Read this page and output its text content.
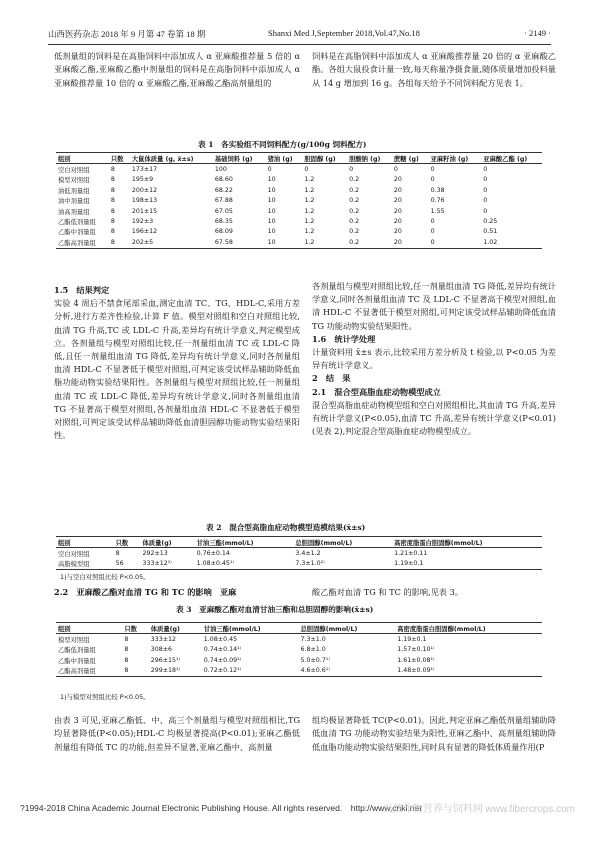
山西医药杂志 2018 年 9 月第 47 卷第 18 期	Shanxi Med J,September 2018,Vol.47,No.18	· 2149 ·

低剂量组的饲料是在高脂饲料中添加成人 α 亚麻酸推荐量 5 倍的 α 亚麻酸乙酯,亚麻酸乙酯中剂量组的饲料是在高脂饲料中添加成人 α 亚麻酸推荐量 10 倍的 α 亚麻酸乙酯,亚麻酸乙酯高剂量组的

饲料是在高脂饲料中添加成人 α 亚麻酸推荐量 20 倍的 α 亚麻酸乙酯。各组大鼠投食计量一致,每天称量净摄食量,随体质量增加投料量从 14 g 增加到 16 g。各组每天给予不同饲料配方见表 1。

表 1　各实验组不同饲料配方(g/100g 饲料配方)
组别	只数	大鼠体质量 (g, x̄±s)	基础饲料 (g)	猪油 (g)	胆固醇 (g)	胆酸钠 (g)	蔗糖 (g)	亚麻籽油 (g)	亚麻酸乙酯 (g)
空白对照组	8	173±17	100	0	0	0	0	0	0
模型对照组	8	195±9	68.60	10	1.2	0.2	20	0	0
油低剂量组	8	200±12	68.22	10	1.2	0.2	20	0.38	0
油中剂量组	8	198±13	67.88	10	1.2	0.2	20	0.76	0
油高剂量组	8	201±15	67.05	10	1.2	0.2	20	1.55	0
乙酯低剂量组	8	192±3	68.35	10	1.2	0.2	20	0	0.25
乙酯中剂量组	8	196±12	68.09	10	1.2	0.2	20	0	0.51
乙酯高剂量组	8	202±5	67.58	10	1.2	0.2	20	0	1.02

1.5　结果判定

实验 4 周后不禁食尾部采血,测定血清 TC、TG、HDL-C,采用方差分析,进行方差齐性检验,计算 F 值。模型对照组和空白对照组比较,血清 TG 升高,TC 或 LDL-C 升高,差异均有统计学意义,判定模型成立。各剂量组与模型对照组比较,任一剂量组血清 TC 或 LDL-C 降低,且任一剂量组血清 TG 降低,差异均有统计学意义,同时各剂量组血清 HDL-C 不显著低于模型对照组,可判定该受试样品辅助降低血脂功能动物实验结果阳性。各剂量组与模型对照组比较,任一剂量组血清 TC 或 LDL-C 降低,差异均有统计学意义,同时各剂量组血清 TG 不显著高于模型对照组,各剂量组血清 HDL-C 不显著低于模型对照组,可判定该受试样品辅助降低血清胆固醇功能动物实验结果阳性。

各剂量组与模型对照组比较,任一剂量组血清 TG 降低,差异均有统计学意义,同时各剂量组血清 TC 及 LDL-C 不显著高于模型对照组,血清 HDL-C 不显著低于模型对照组,可判定该受试样品辅助降低血清 TG 功能动物实验结果阳性。

1.6　统计学处理

计量资料用 x̄±s 表示,比较采用方差分析及 t 检验,以 P<0.05 为差异有统计学意义。

2　结　果

2.1　混合型高脂血症动物模型成立

混合型高脂血症动物模型组和空白对照组相比,其血清 TG 升高,差异有统计学意义(P<0.05),血清 TC 升高,差异有统计学意义(P<0.01)(见表 2),判定混合型高脂血症动物模型成立。

表 2　混合型高脂血症动物模型造模结果(x̄±s)
组别	只数	体质量(g)	甘油三酯(mmol/L)	总胆固醇(mmol/L)	高密度脂蛋白胆固醇(mmol/L)
空白对照组	8	292±13	0.76±0.14	3.4±1.2	1.21±0.11
高脂模型组	56	333±12¹⁾	1.08±0.45¹⁾	7.3±1.0²⁾	1.19±0.1
1)与空白对照组比较 P<0.05。

2.2　亚麻酸乙酯对血清 TG 和 TC 的影响　亚麻	酸乙酯对血清 TG 和 TC 的影响,见表 3。

表 3　亚麻酸乙酯对血清甘油三酯和总胆固醇的影响(x̄±s)
组别	只数	体质量(g)	甘油三酯(mmol/L)	总胆固醇(mmol/L)	高密度脂蛋白胆固醇(mmol/L)
模型对照组	8	333±12	1.08±0.45	7.3±1.0	1.19±0.1
乙酯低剂量组	8	308±6	0.74±0.14¹⁾	6.8±1.0	1.57±0.10¹⁾
乙酯中剂量组	8	296±15¹⁾	0.74±0.09¹⁾	5.0±0.7¹⁾	1.61±0.08¹⁾
乙酯高剂量组	8	299±18¹⁾	0.72±0.12¹⁾	4.6±0.6¹⁾	1.48±0.09¹⁾
1)与模型对照组比较 P<0.05。

由表 3 可见,亚麻乙酯低、中、高三个剂量组与模型对照组相比,TG 均显著降低(P<0.05);HDL-C 均极显著提高(P<0.01);亚麻乙酯低剂量组有降低 TC 的功能,但差异不显著,亚麻乙酯中、高剂量

组均极显著降低 TC(P<0.01)。因此,判定亚麻乙酯低剂量组辅助降低血清 TG 功能动物实验结果为阳性,亚麻乙酯中、高剂量组辅助降低血脂功能动物实验结果阳性,同时具有显著的降低体质量作用(P

?1994-2018 China Academic Journal Electronic Publishing House. All rights reserved.　http://www.cnki.net
天然作物营养与饲料网 www.fibercrops.com
